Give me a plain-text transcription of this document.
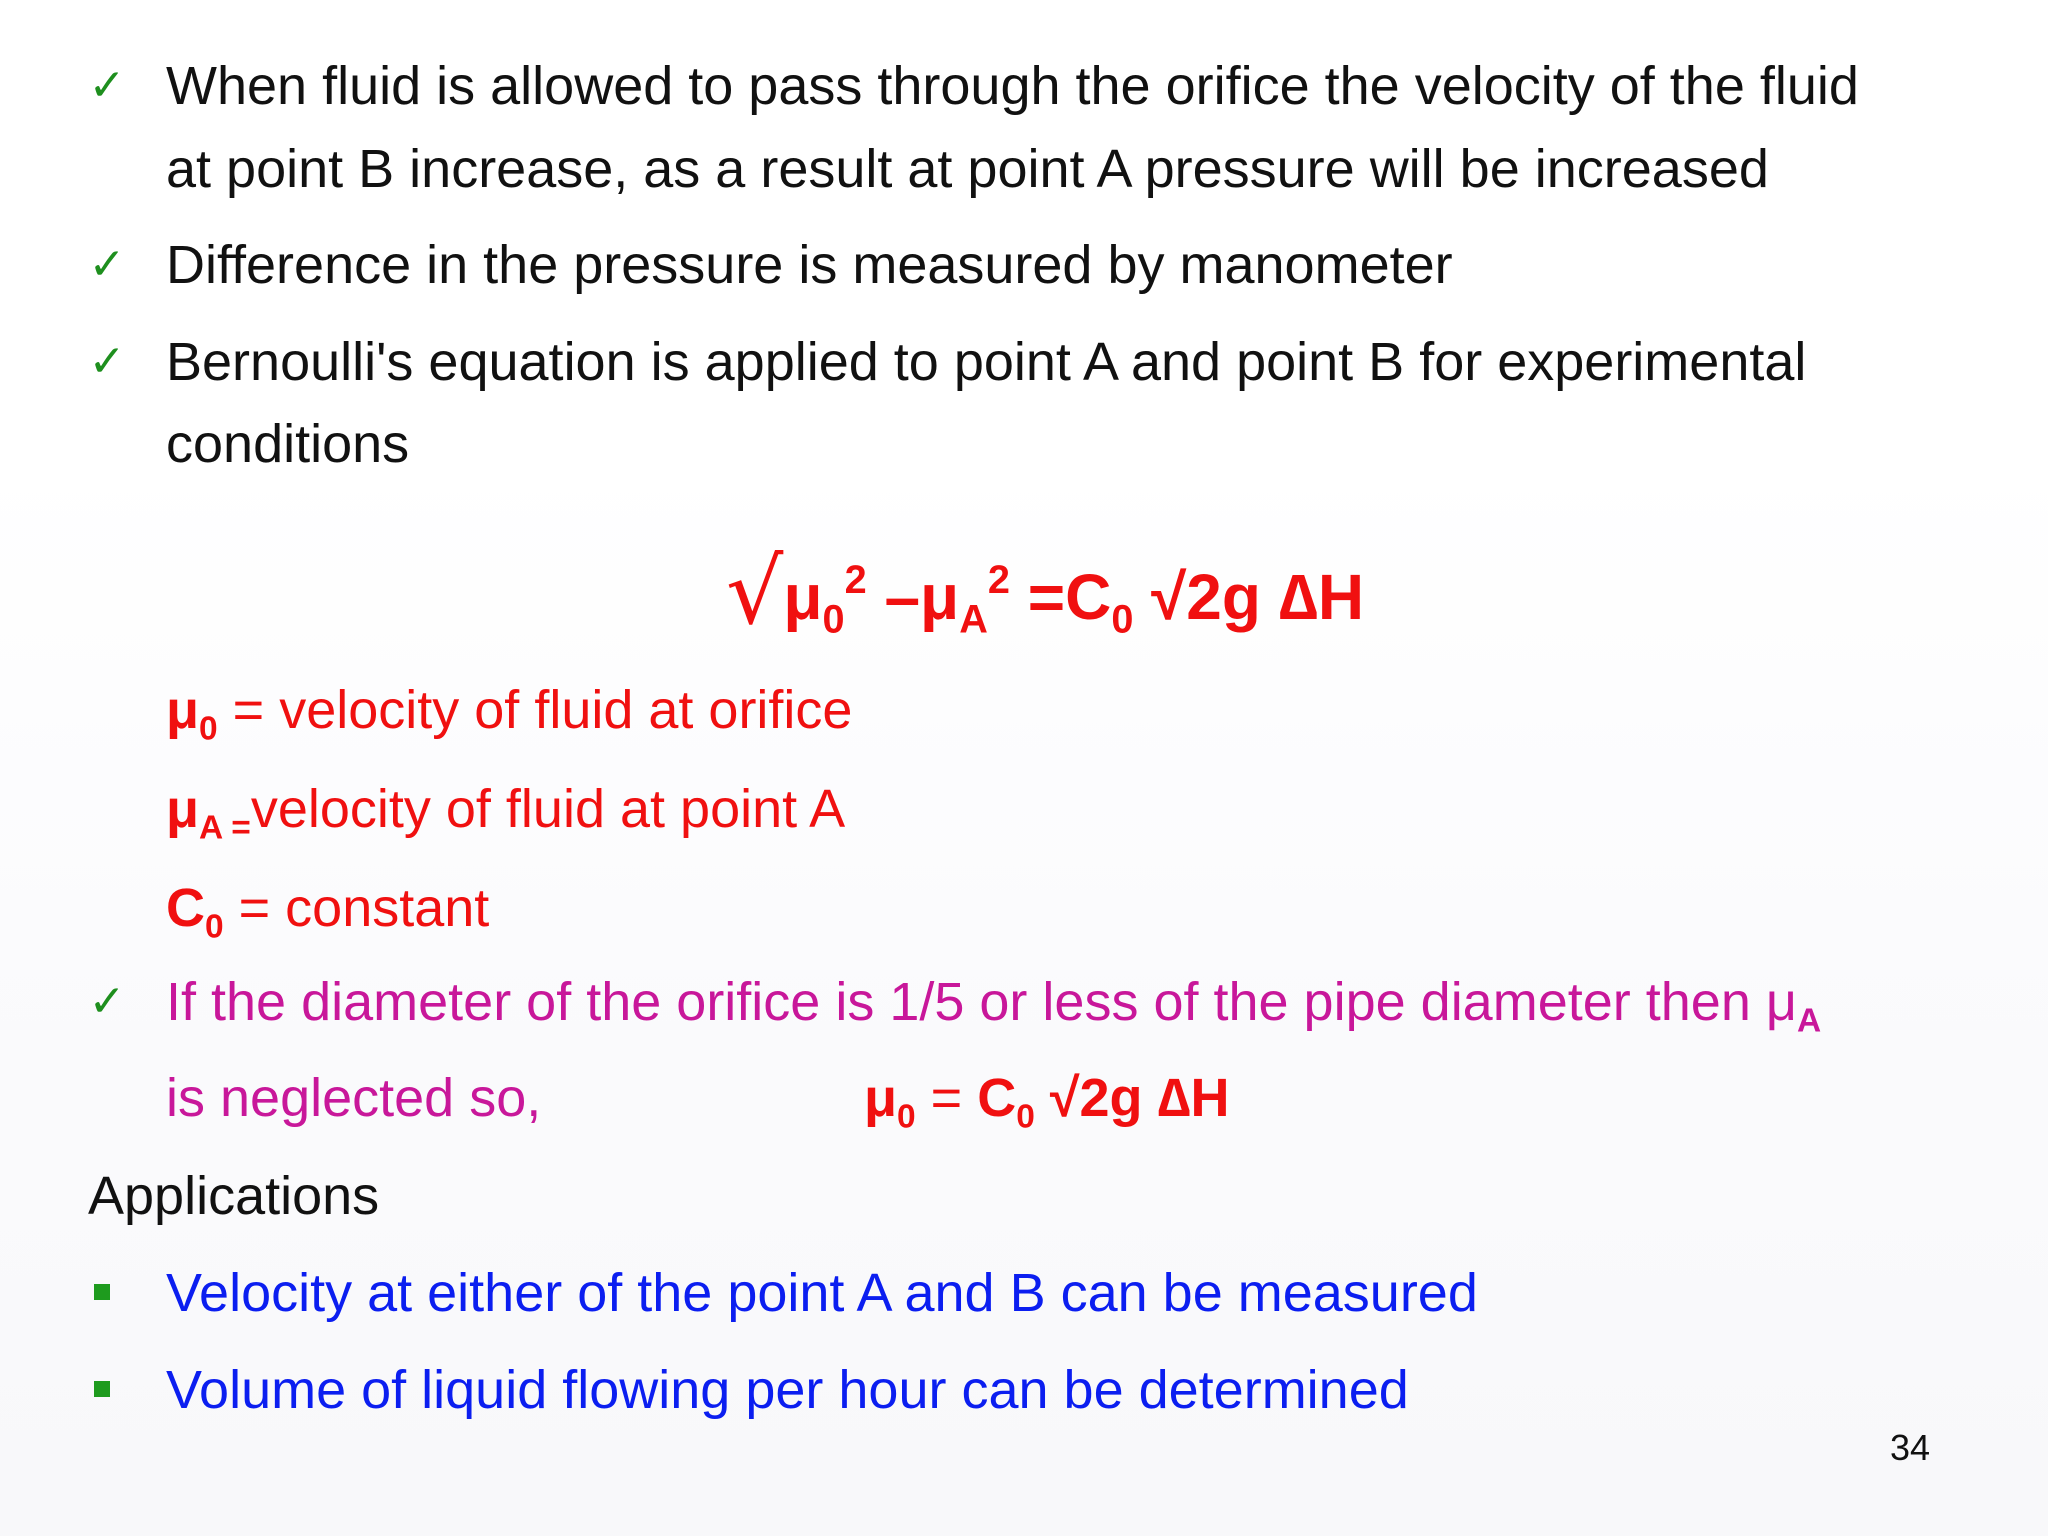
✓ When fluid is allowed to pass through the orifice the velocity of the fluid
at point B increase, as a result at point A pressure will be increased
✓ Difference in the pressure is measured by manometer
✓ Bernoulli's equation is applied to point A and point B for experimental
conditions
$√\mu_0^2$ $-\mu_A^2 =C_0$ √2g ∆H
$\mu_0$ = velocity of fluid at orifice
$\mu_{A =}velocity$ of fluid at point A
$C_0$ = constant
✓ If the diameter of the orifice is 1/5 or less of the pipe diameter then $\mu_A$
is neglected so,	$\mu_0 = C_0$ √2g ∆H
Applications
Velocity at either of the point A and B can be measured
Volume of liquid flowing per hour can be determined
34
